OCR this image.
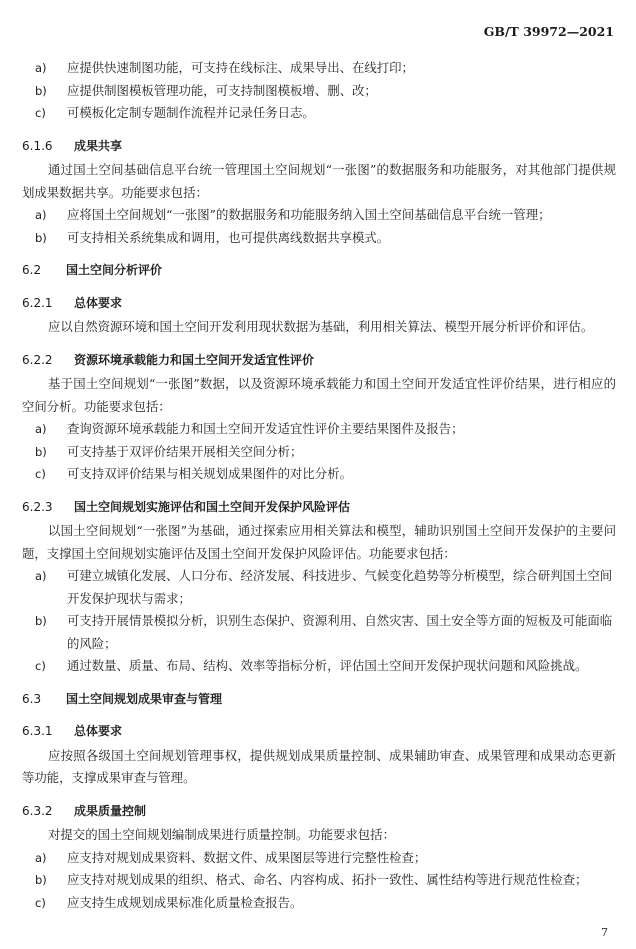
GB/T 39972—2021
a)	应提供快速制图功能，可支持在线标注、成果导出、在线打印；
b)	应提供制图模板管理功能，可支持制图模板增、删、改；
c)	可模板化定制专题制作流程并记录任务日志。
6.1.6	成果共享
通过国土空间基础信息平台统一管理国土空间规划“一张图”的数据服务和功能服务，对其他部门提供规划成果数据共享。功能要求包括：
a)	应将国土空间规划“一张图”的数据服务和功能服务纳入国土空间基础信息平台统一管理；
b)	可支持相关系统集成和调用，也可提供离线数据共享模式。
6.2	国土空间分析评价
6.2.1	总体要求
应以自然资源环境和国土空间开发利用现状数据为基础，利用相关算法、模型开展分析评价和评估。
6.2.2	资源环境承载能力和国土空间开发适宜性评价
基于国土空间规划“一张图”数据，以及资源环境承载能力和国土空间开发适宜性评价结果，进行相应的空间分析。功能要求包括：
a)	查询资源环境承载能力和国土空间开发适宜性评价主要结果图件及报告；
b)	可支持基于双评价结果开展相关空间分析；
c)	可支持双评价结果与相关规划成果图件的对比分析。
6.2.3	国土空间规划实施评估和国土空间开发保护风险评估
以国土空间规划“一张图”为基础，通过探索应用相关算法和模型，辅助识别国土空间开发保护的主要问题，支撑国土空间规划实施评估及国土空间开发保护风险评估。功能要求包括：
a)	可建立城镇化发展、人口分布、经济发展、科技进步、气候变化趋势等分析模型，综合研判国土空间开发保护现状与需求；
b)	可支持开展情景模拟分析，识别生态保护、资源利用、自然灾害、国土安全等方面的短板及可能面临的风险；
c)	通过数量、质量、布局、结构、效率等指标分析，评估国土空间开发保护现状问题和风险挑战。
6.3	国土空间规划成果审查与管理
6.3.1	总体要求
应按照各级国土空间规划管理事权，提供规划成果质量控制、成果辅助审查、成果管理和成果动态更新等功能，支撑成果审查与管理。
6.3.2	成果质量控制
对提交的国土空间规划编制成果进行质量控制。功能要求包括：
a)	应支持对规划成果资料、数据文件、成果图层等进行完整性检查；
b)	应支持对规划成果的组织、格式、命名、内容构成、拓扑一致性、属性结构等进行规范性检查；
c)	应支持生成规划成果标准化质量检查报告。
7
